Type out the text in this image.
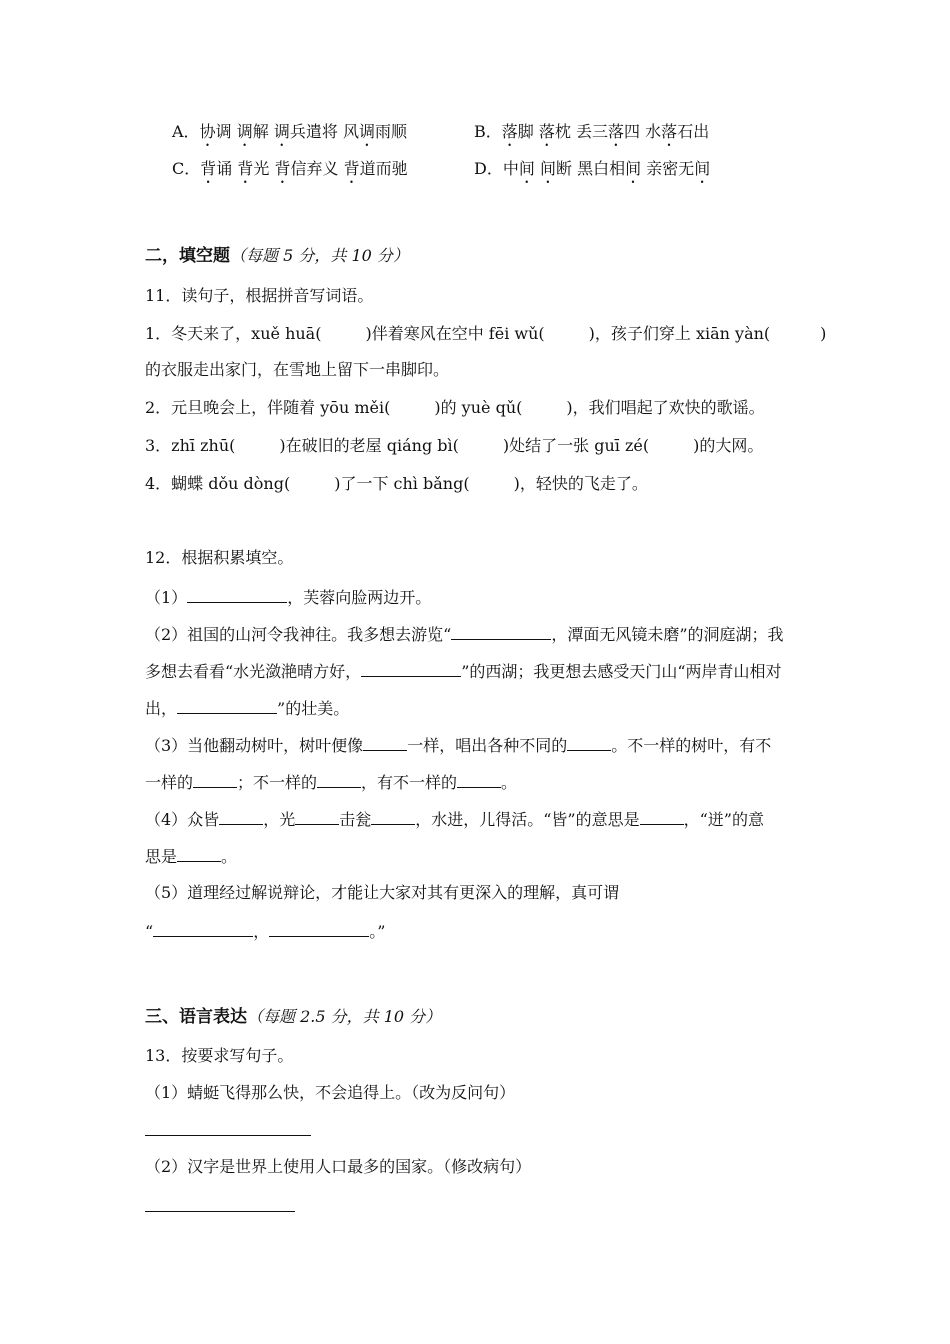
A．协调 调解 调兵遣将 风调雨顺	B．落脚 落枕 丢三落四 水落石出
C．背诵 背光 背信弃义 背道而驰	D．中间 间断 黑白相间 亲密无间
二，填空题（每题 5 分，共 10 分）
11．读句子，根据拼音写词语。
1．冬天来了，xuě huā(	)伴着寒风在空中 fēi wǔ(	)，孩子们穿上 xiān yàn(	)
的衣服走出家门，在雪地上留下一串脚印。
2．元旦晚会上，伴随着 yōu měi(	)的 yuè qǔ(	)，我们唱起了欢快的歌谣。
3．zhī zhū(	)在破旧的老屋 qiáng bì(	)处结了一张 guī zé(	)的大网。
4．蝴蝶 dǒu dòng(	)了一下 chì bǎng(	)，轻快的飞走了。
12．根据积累填空。
（1）	，芙蓉向脸两边开。
（2）祖国的山河令我神往。我多想去游览“	，潭面无风镜未磨”的洞庭湖；我
多想去看看“水光潋滟晴方好，	”的西湖；我更想去感受天门山“两岸青山相对
出，	”的壮美。
（3）当他翻动树叶，树叶便像	一样，唱出各种不同的	。不一样的树叶，有不
一样的	；不一样的	，有不一样的	。
（4）众皆	，光	击瓮	，水进，儿得活。“皆”的意思是	，“迸”的意
思是	。
（5）道理经过解说辩论，才能让大家对其有更深入的理解，真可谓
“	，	。”
三、语言表达（每题 2.5 分，共 10 分）
13．按要求写句子。
（1）蜻蜓飞得那么快，不会追得上。（改为反问句）
（2）汉字是世界上使用人口最多的国家。（修改病句）
